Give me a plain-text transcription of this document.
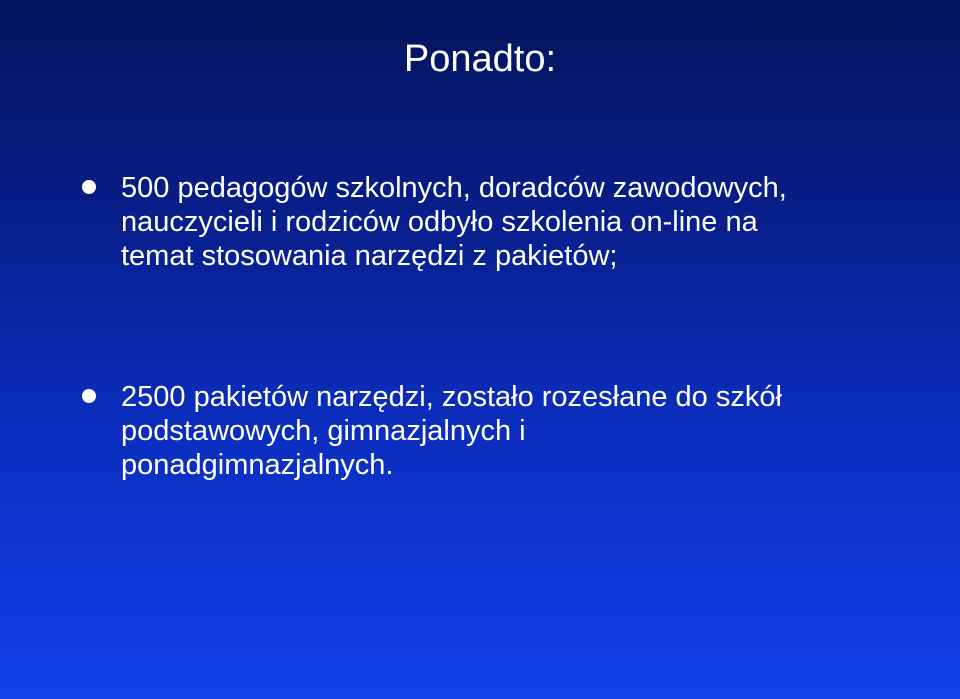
Ponadto:
500 pedagogów szkolnych, doradców zawodowych,
nauczycieli i rodziców odbyło szkolenia on-line na
temat stosowania narzędzi z pakietów;
2500 pakietów narzędzi, zostało rozesłane do szkół
podstawowych, gimnazjalnych i
ponadgimnazjalnych.
